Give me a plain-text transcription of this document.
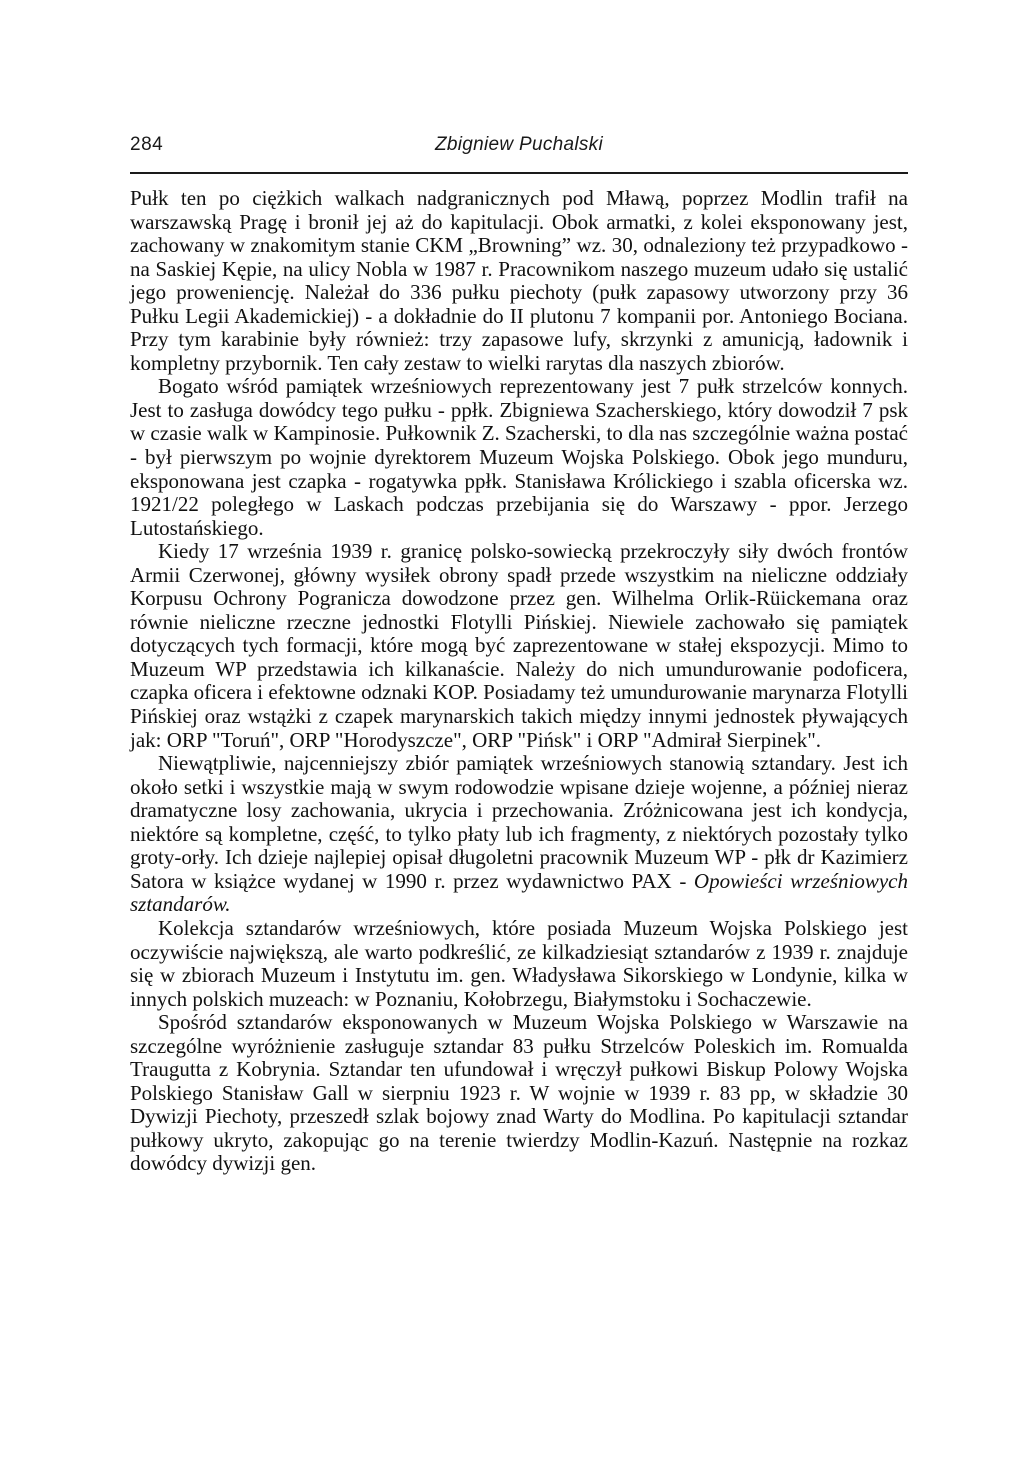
284	Zbigniew Puchalski

Pułk ten po ciężkich walkach nadgranicznych pod Mławą, poprzez Modlin trafił na warszawską Pragę i bronił jej aż do kapitulacji. Obok armatki, z kolei eksponowany jest, zachowany w znakomitym stanie CKM „Browning” wz. 30, odnaleziony też przypadkowo - na Saskiej Kępie, na ulicy Nobla w 1987 r. Pracownikom naszego muzeum udało się ustalić jego proweniencję. Należał do 336 pułku piechoty (pułk zapasowy utworzony przy 36 Pułku Legii Akademickiej) - a dokładnie do II plutonu 7 kompanii por. Antoniego Bociana. Przy tym karabinie były również: trzy zapasowe lufy, skrzynki z amunicją, ładownik i kompletny przybornik. Ten cały zestaw to wielki rarytas dla naszych zbiorów.

Bogato wśród pamiątek wrześniowych reprezentowany jest 7 pułk strzelców konnych. Jest to zasługa dowódcy tego pułku - ppłk. Zbigniewa Szacherskiego, który dowodził 7 psk w czasie walk w Kampinosie. Pułkownik Z. Szacherski, to dla nas szczególnie ważna postać - był pierwszym po wojnie dyrektorem Muzeum Wojska Polskiego. Obok jego munduru, eksponowana jest czapka - rogatywka ppłk. Stanisława Królickiego i szabla oficerska wz. 1921/22 poległego w Laskach podczas przebijania się do Warszawy - ppor. Jerzego Lutostańskiego.

Kiedy 17 września 1939 r. granicę polsko-sowiecką przekroczyły siły dwóch frontów Armii Czerwonej, główny wysiłek obrony spadł przede wszystkim na nieliczne oddziały Korpusu Ochrony Pogranicza dowodzone przez gen. Wilhelma Orlik-Rüickemana oraz równie nieliczne rzeczne jednostki Flotylli Pińskiej. Niewiele zachowało się pamiątek dotyczących tych formacji, które mogą być zaprezentowane w stałej ekspozycji. Mimo to Muzeum WP przedstawia ich kilkanaście. Należy do nich umundurowanie podoficera, czapka oficera i efektowne odznaki KOP. Posiadamy też umundurowanie marynarza Flotylli Pińskiej oraz wstążki z czapek marynarskich takich między innymi jednostek pływających jak: ORP "Toruń", ORP "Horodyszcze", ORP "Pińsk" i ORP "Admirał Sierpinek".

Niewątpliwie, najcenniejszy zbiór pamiątek wrześniowych stanowią sztandary. Jest ich około setki i wszystkie mają w swym rodowodzie wpisane dzieje wojenne, a później nieraz dramatyczne losy zachowania, ukrycia i przechowania. Zróżnicowana jest ich kondycja, niektóre są kompletne, część, to tylko płaty lub ich fragmenty, z niektórych pozostały tylko groty-orły. Ich dzieje najlepiej opisał długoletni pracownik Muzeum WP - płk dr Kazimierz Satora w książce wydanej w 1990 r. przez wydawnictwo PAX - Opowieści wrześniowych sztandarów.

Kolekcja sztandarów wrześniowych, które posiada Muzeum Wojska Polskiego jest oczywiście największą, ale warto podkreślić, ze kilkadziesiąt sztandarów z 1939 r. znajduje się w zbiorach Muzeum i Instytutu im. gen. Władysława Sikorskiego w Londynie, kilka w innych polskich muzeach: w Poznaniu, Kołobrzegu, Białymstoku i Sochaczewie.

Spośród sztandarów eksponowanych w Muzeum Wojska Polskiego w Warszawie na szczególne wyróżnienie zasługuje sztandar 83 pułku Strzelców Poleskich im. Romualda Traugutta z Kobrynia. Sztandar ten ufundował i wręczył pułkowi Biskup Polowy Wojska Polskiego Stanisław Gall w sierpniu 1923 r. W wojnie w 1939 r. 83 pp, w składzie 30 Dywizji Piechoty, przeszedł szlak bojowy znad Warty do Modlina. Po kapitulacji sztandar pułkowy ukryto, zakopując go na terenie twierdzy Modlin-Kazuń. Następnie na rozkaz dowódcy dywizji gen.
